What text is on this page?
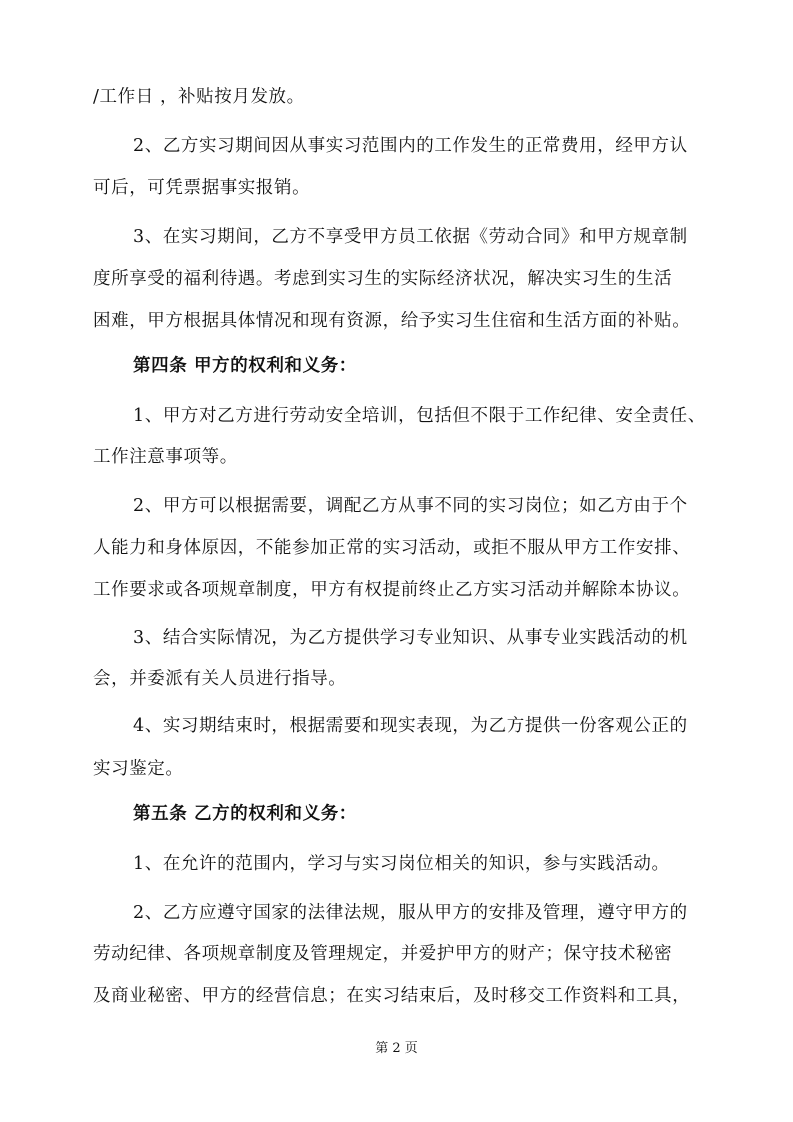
/工作日 ，补贴按月发放。
2、乙方实习期间因从事实习范围内的工作发生的正常费用，经甲方认
可后，可凭票据事实报销。
3、在实习期间，乙方不享受甲方员工依据《劳动合同》和甲方规章制
度所享受的福利待遇。考虑到实习生的实际经济状况，解决实习生的生活
困难，甲方根据具体情况和现有资源，给予实习生住宿和生活方面的补贴。
第四条 甲方的权利和义务：
1、甲方对乙方进行劳动安全培训，包括但不限于工作纪律、安全责任、
工作注意事项等。
2、甲方可以根据需要，调配乙方从事不同的实习岗位；如乙方由于个
人能力和身体原因，不能参加正常的实习活动，或拒不服从甲方工作安排、
工作要求或各项规章制度，甲方有权提前终止乙方实习活动并解除本协议。
3、结合实际情况，为乙方提供学习专业知识、从事专业实践活动的机
会，并委派有关人员进行指导。
4、实习期结束时，根据需要和现实表现，为乙方提供一份客观公正的
实习鉴定。
第五条 乙方的权利和义务：
1、在允许的范围内，学习与实习岗位相关的知识，参与实践活动。
2、乙方应遵守国家的法律法规，服从甲方的安排及管理，遵守甲方的
劳动纪律、各项规章制度及管理规定，并爱护甲方的财产；保守技术秘密
及商业秘密、甲方的经营信息；在实习结束后，及时移交工作资料和工具，
第 2 页
